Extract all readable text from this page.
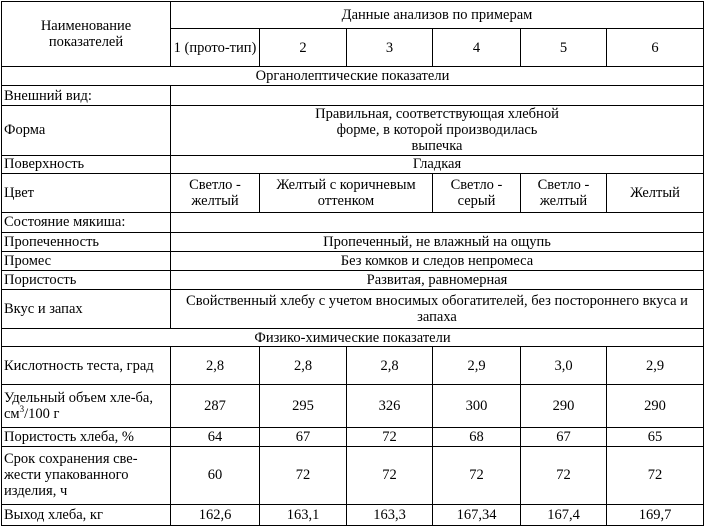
Наименование показателей	Данные анализов по примерам					
	1 (прото-тип)	2	3	4	5	6
Органолептические показатели						
Внешний вид:						
Форма	Правильная, соответствующая хлебной форме, в которой производилась выпечка					
Поверхность	Гладкая					
Цвет	Светло - желтый	Желтый с коричневым оттенком		Светло - серый	Светло - желтый	Желтый
Состояние мякиша:						
Пропеченность	Пропеченный, не влажный на ощупь					
Промес	Без комков и следов непромеса					
Пористость	Развитая, равномерная					
Вкус и запах	Свойственный хлебу с учетом вносимых обогатителей, без постороннего вкуса и запаха					
Физико-химические показатели						
Кислотность теста, град	2,8	2,8	2,8	2,9	3,0	2,9
Удельный объем хле-ба, $см^3/100$ г	287	295	326	300	290	290
Пористость хлеба, %	64	67	72	68	67	65
Срок сохранения све-жести упакованного изделия, ч	60	72	72	72	72	72
Выход хлеба, кг	162,6	163,1	163,3	167,34	167,4	169,7
